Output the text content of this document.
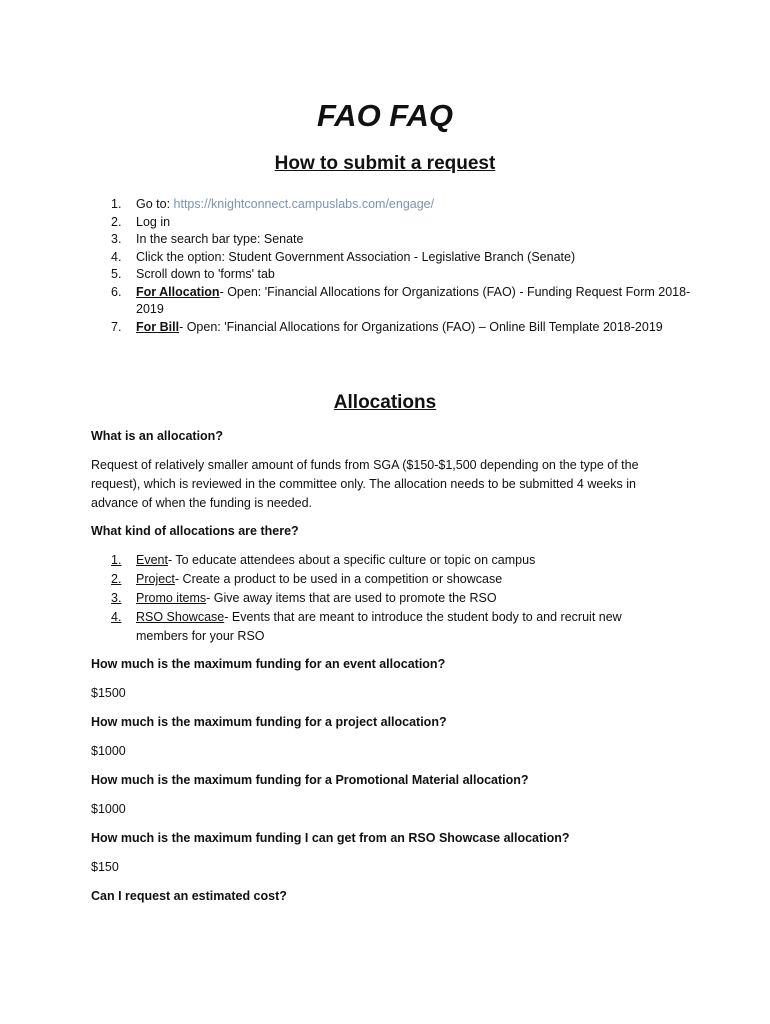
FAO FAQ
How to submit a request
1.	Go to: https://knightconnect.campuslabs.com/engage/
2.	Log in
3.	In the search bar type: Senate
4.	Click the option: Student Government Association - Legislative Branch (Senate)
5.	Scroll down to 'forms' tab
6.	For Allocation- Open: 'Financial Allocations for Organizations (FAO) - Funding Request Form 2018-2019
7.	For Bill- Open: 'Financial Allocations for Organizations (FAO) – Online Bill Template 2018-2019
Allocations

What is an allocation?

Request of relatively smaller amount of funds from SGA ($150-$1,500 depending on the type of the request), which is reviewed in the committee only. The allocation needs to be submitted 4 weeks in advance of when the funding is needed.

What kind of allocations are there?

1. Event- To educate attendees about a specific culture or topic on campus
2. Project- Create a product to be used in a competition or showcase
3. Promo items- Give away items that are used to promote the RSO
4. RSO Showcase- Events that are meant to introduce the student body to and recruit new members for your RSO

How much is the maximum funding for an event allocation?

$1500

How much is the maximum funding for a project allocation?

$1000

How much is the maximum funding for a Promotional Material allocation?

$1000

How much is the maximum funding I can get from an RSO Showcase allocation?

$150

Can I request an estimated cost?
